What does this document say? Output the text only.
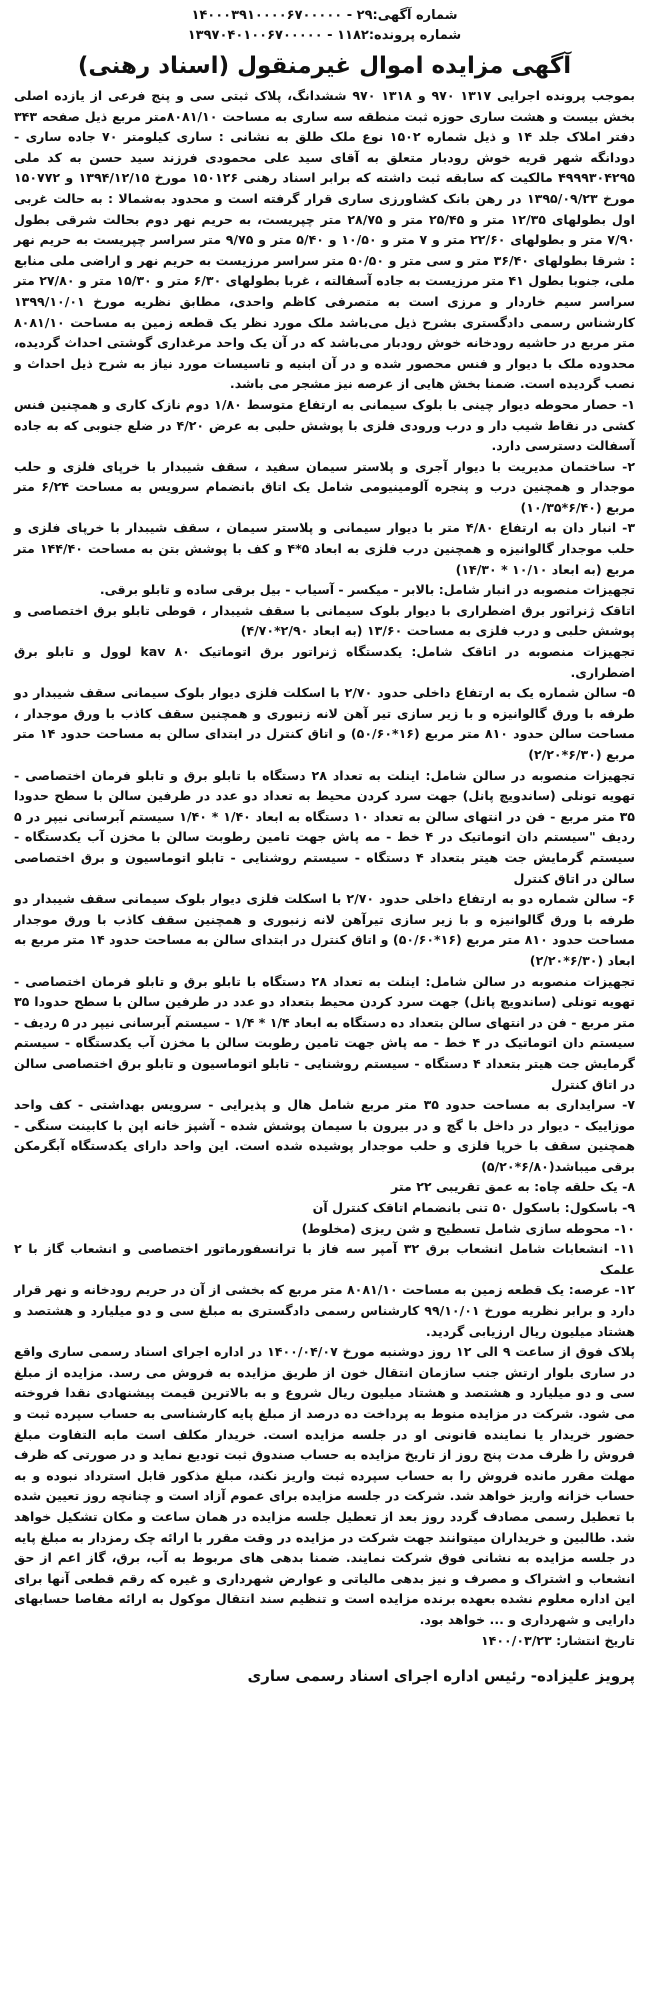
شماره آگهی:۲۹ - ۱۴۰۰۰۳۹۱۰۰۰۰۶۷۰۰۰۰۰
شماره پرونده:۱۱۸۲ - ۱۳۹۷۰۴۰۱۰۰۶۷۰۰۰۰۰
آگهی مزایده اموال غیرمنقول (اسناد رهنی)

بموجب پرونده اجرایی ۱۳۱۷ ۹۷۰ و ۱۳۱۸ ۹۷۰ ششدانگ، پلاک ثبتی سی و پنج فرعی از یازده اصلی بخش بیست و هشت ساری حوزه ثبت منطقه سه ساری به مساحت ۸۰۸۱/۱۰متر مربع ذیل صفحه ۳۴۳ دفتر املاک جلد ۱۴ و ذیل شماره ۱۵۰۲ نوع ملک طلق به نشانی : ساری کیلومتر ۷۰ جاده ساری - دودانگه شهر قریه خوش رودبار متعلق به آقای سید علی محمودی فرزند سید حسن به کد ملی ۴۹۹۹۳۰۴۲۹۵ مالکیت که سابقه ثبت داشته که برابر اسناد رهنی ۱۵۰۱۲۶ مورخ ۱۳۹۴/۱۲/۱۵ و ۱۵۰۷۷۲ مورخ ۱۳۹۵/۰۹/۲۳ در رهن بانک کشاورزی ساری قرار گرفته است و محدود به‌شمالا : به حالت غربی اول بطولهای ۱۲/۳۵ متر و ۲۵/۴۵ متر و ۲۸/۷۵ متر چپریست، به حریم نهر دوم بحالت شرقی بطول ۷/۹۰ متر و بطولهای ۲۲/۶۰ متر و ۷ متر و ۱۰/۵۰ و ۵/۴۰ متر و ۹/۷۵ متر سراسر چپریست به حریم نهر : شرقا بطولهای ۳۶/۴۰ متر و سی متر و ۵۰/۵۰ متر سراسر مرزیست به حریم نهر و اراضی ملی منابع ملی، جنوبا بطول ۴۱ متر مرزیست به جاده آسفالته ، غربا بطولهای ۶/۳۰ متر و ۱۵/۳۰ متر و ۲۷/۸۰ متر سراسر سیم خاردار و مرزی است به متصرفی کاظم واحدی، مطابق نظریه مورخ ۱۳۹۹/۱۰/۰۱ کارشناس رسمی دادگستری بشرح ذیل می‌باشد ملک مورد نظر یک قطعه زمین به مساحت ۸۰۸۱/۱۰ متر مربع در حاشیه رودخانه خوش رودبار می‌باشد که در آن یک واحد مرغداری گوشتی احداث گردیده، محدوده ملک با دیوار و فنس محصور شده و در آن ابنیه و تاسیسات مورد نیاز به شرح ذیل احداث و نصب گردیده است. ضمنا بخش هایی از عرصه نیز مشجر می باشد.

۱- حصار محوطه دیوار چینی با بلوک سیمانی به ارتفاع متوسط ۱/۸۰ دوم نازک کاری و همچنین فنس کشی در نقاط شیب دار و درب ورودی فلزی با پوشش حلبی به عرض ۴/۲۰ در ضلع جنوبی که به جاده آسفالت دسترسی دارد.

۲- ساختمان مدیریت با دیوار آجری و پلاستر سیمان سفید ، سقف شیبدار با خرپای فلزی و حلب موجدار و همچنین درب و پنجره آلومینیومی شامل یک اتاق بانضمام سرویس به مساحت ۶/۲۴ متر مربع (۶/۴۰*۱۰/۳۵)

۳- انبار دان به ارتفاع ۴/۸۰ متر با دیوار سیمانی و پلاستر سیمان ، سقف شیبدار با خرپای فلزی و حلب موجدار گالوانیزه و همچنین درب فلزی به ابعاد ۵*۴ و کف با پوشش بتن به مساحت ۱۴۴/۴۰ متر مربع (به ابعاد ۱۰/۱۰ * ۱۴/۳۰)

تجهیزات منصوبه در انبار شامل: بالابر - میکسر - آسیاب - بیل برقی ساده و تابلو برقی.

اتاقک ژنراتور برق اضطراری با دیوار بلوک سیمانی با سقف شیبدار ، قوطی تابلو برق اختصاصی و پوشش حلبی و درب فلزی به مساحت ۱۳/۶۰ (به ابعاد ۲/۹۰*۴/۷۰)

تجهیزات منصوبه در اتاقک شامل: یکدستگاه ژنراتور برق اتوماتیک kav ۸۰ لوول و تابلو برق اضطراری.

۵- سالن شماره یک به ارتفاع داخلی حدود ۲/۷۰ با اسکلت فلزی دیوار بلوک سیمانی سقف شیبدار دو طرفه با ورق گالوانیزه و با زیر سازی تیر آهن لانه زنبوری و همچنین سقف کاذب با ورق موجدار ، مساحت سالن حدود ۸۱۰ متر مربع (۱۶*۵۰/۶۰) و اتاق کنترل در ابتدای سالن به مساحت حدود ۱۴ متر مربع (۶/۳۰*۲/۲۰)

تجهیزات منصوبه در سالن شامل: اینلت به تعداد ۲۸ دستگاه با تابلو برق و تابلو فرمان اختصاصی - تهویه تونلی (ساندویچ پانل) جهت سرد کردن محیط به تعداد دو عدد در طرفین سالن با سطح حدودا ۳۵ متر مربع - فن در انتهای سالن به تعداد ۱۰ دستگاه به ابعاد ۱/۴۰ * ۱/۴۰ سیستم آبرسانی نیپر در ۵ ردیف "سیستم دان اتوماتیک در ۴ خط - مه پاش جهت تامین رطوبت سالن با مخزن آب یکدستگاه - سیستم گرمایش جت هیتر بتعداد ۴ دستگاه - سیستم روشنایی - تابلو اتوماسیون و برق اختصاصی سالن در اتاق کنترل

۶- سالن شماره دو به ارتفاع داخلی حدود ۲/۷۰ با اسکلت فلزی دیوار بلوک سیمانی سقف شیبدار دو طرفه با ورق گالوانیزه و با زیر سازی تیرآهن لانه زنبوری و همچنین سقف کاذب با ورق موجدار مساحت حدود ۸۱۰ متر مربع (۱۶*۵۰/۶۰) و اتاق کنترل در ابتدای سالن به مساحت حدود ۱۴ متر مربع به ابعاد (۶/۳۰*۲/۲۰)

تجهیزات منصوبه در سالن شامل: اینلت به تعداد ۲۸ دستگاه با تابلو برق و تابلو فرمان اختصاصی - تهویه تونلی (ساندویچ پانل) جهت سرد کردن محیط بتعداد دو عدد در طرفین سالن با سطح حدودا ۳۵ متر مربع - فن در انتهای سالن بتعداد ده دستگاه به ابعاد ۱/۴ * ۱/۴ - سیستم آبرسانی نیپر در ۵ ردیف - سیستم دان اتوماتیک در ۴ خط - مه پاش جهت تامین رطوبت سالن با مخزن آب یکدستگاه - سیستم گرمایش جت هیتر بتعداد ۴ دستگاه - سیستم روشنایی - تابلو اتوماسیون و تابلو برق اختصاصی سالن در اتاق کنترل

۷- سرایداری به مساحت حدود ۳۵ متر مربع شامل هال و پذیرایی - سرویس بهداشتی - کف واحد موزاییک - دیوار در داخل با گچ و در بیرون با سیمان پوشش شده - آشپز خانه اپن با کابینت سنگی - همچنین سقف با خرپا فلزی و حلب موجدار پوشیده شده است. این واحد دارای یکدستگاه آبگرمکن برقی میباشد(۶/۸۰*۵/۲۰)

۸- یک حلقه چاه: به عمق تقریبی ۲۲ متر

۹- باسکول: باسکول ۵۰ تنی بانضمام اتاقک کنترل آن

۱۰- محوطه سازی شامل تسطیح و شن ریزی (مخلوط)

۱۱- انشعابات شامل انشعاب برق ۳۲ آمپر سه فاز با ترانسفورماتور اختصاصی و انشعاب گاز با ۲ علمک

۱۲- عرصه: یک قطعه زمین به مساحت ۸۰۸۱/۱۰ متر مربع که بخشی از آن در حریم رودخانه و نهر قرار دارد و برابر نظریه مورخ ۹۹/۱۰/۰۱ کارشناس رسمی دادگستری به مبلغ سی و دو میلیارد و هشتصد و هشتاد میلیون ریال ارزیابی گردید.

پلاک فوق از ساعت ۹ الی ۱۲ روز دوشنبه مورخ ۱۴۰۰/۰۴/۰۷ در اداره اجرای اسناد رسمی ساری واقع در ساری بلوار ارتش جنب سازمان انتقال خون از طریق مزایده به فروش می رسد. مزایده از مبلغ سی و دو میلیارد و هشتصد و هشتاد میلیون ریال شروع و به بالاترین قیمت پیشنهادی نقدا فروخته می شود. شرکت در مزایده منوط به پرداخت ده درصد از مبلغ پایه کارشناسی به حساب سپرده ثبت و حضور خریدار یا نماینده قانونی او در جلسه مزایده است. خریدار مکلف است مابه التفاوت مبلغ فروش را ظرف مدت پنج روز از تاریخ مزایده به حساب صندوق ثبت تودیع نماید و در صورتی که ظرف مهلت مقرر مانده فروش را به حساب سپرده ثبت واریز نکند، مبلغ مذکور قابل استرداد نبوده و به حساب خزانه واریز خواهد شد. شرکت در جلسه مزایده برای عموم آزاد است و چنانچه روز تعیین شده با تعطیل رسمی مصادف گردد روز بعد از تعطیل جلسه مزایده در همان ساعت و مکان تشکیل خواهد شد. طالبین و خریداران میتوانند جهت شرکت در مزایده در وقت مقرر با ارائه چک رمزدار به مبلغ پایه در جلسه مزایده به نشانی فوق شرکت نمایند. ضمنا بدهی های مربوط به آب، برق، گاز اعم از حق انشعاب و اشتراک و مصرف و نیز بدهی مالیاتی و عوارض شهرداری و غیره که رقم قطعی آنها برای این اداره معلوم نشده بعهده برنده مزایده است و تنظیم سند انتقال موکول به ارائه مفاصا حسابهای دارایی و شهرداری و ... خواهد بود.

تاریخ انتشار: ۱۴۰۰/۰۳/۲۳

پرویز علیزاده- رئیس اداره اجرای اسناد رسمی ساری
